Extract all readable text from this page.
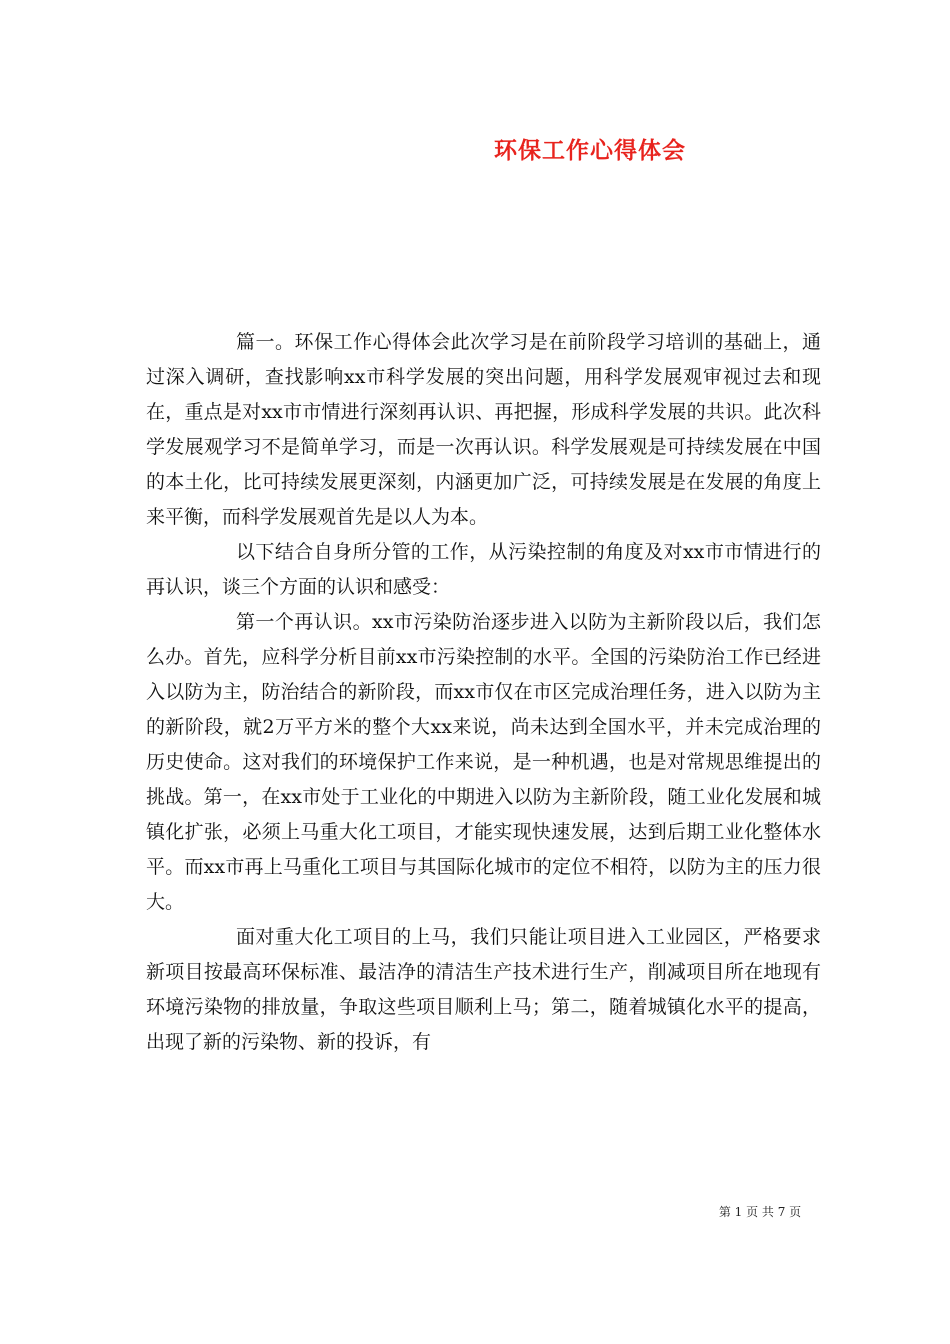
环保工作心得体会

篇一。环保工作心得体会此次学习是在前阶段学习培训的基础上，通过深入调研，查找影响xx市科学发展的突出问题，用科学发展观审视过去和现在，重点是对xx市市情进行深刻再认识、再把握，形成科学发展的共识。此次科学发展观学习不是简单学习，而是一次再认识。科学发展观是可持续发展在中国的本土化，比可持续发展更深刻，内涵更加广泛，可持续发展是在发展的角度上来平衡，而科学发展观首先是以人为本。

以下结合自身所分管的工作，从污染控制的角度及对xx市市情进行的再认识，谈三个方面的认识和感受：

第一个再认识。xx市污染防治逐步进入以防为主新阶段以后，我们怎么办。首先，应科学分析目前xx市污染控制的水平。全国的污染防治工作已经进入以防为主，防治结合的新阶段，而xx市仅在市区完成治理任务，进入以防为主的新阶段，就2万平方米的整个大xx来说，尚未达到全国水平，并未完成治理的历史使命。这对我们的环境保护工作来说，是一种机遇，也是对常规思维提出的挑战。第一，在xx市处于工业化的中期进入以防为主新阶段，随工业化发展和城镇化扩张，必须上马重大化工项目，才能实现快速发展，达到后期工业化整体水平。而xx市再上马重化工项目与其国际化城市的定位不相符，以防为主的压力很大。

面对重大化工项目的上马，我们只能让项目进入工业园区，严格要求新项目按最高环保标准、最洁净的清洁生产技术进行生产，削减项目所在地现有环境污染物的排放量，争取这些项目顺利上马；第二，随着城镇化水平的提高，出现了新的污染物、新的投诉，有

第 1 页 共 7 页
